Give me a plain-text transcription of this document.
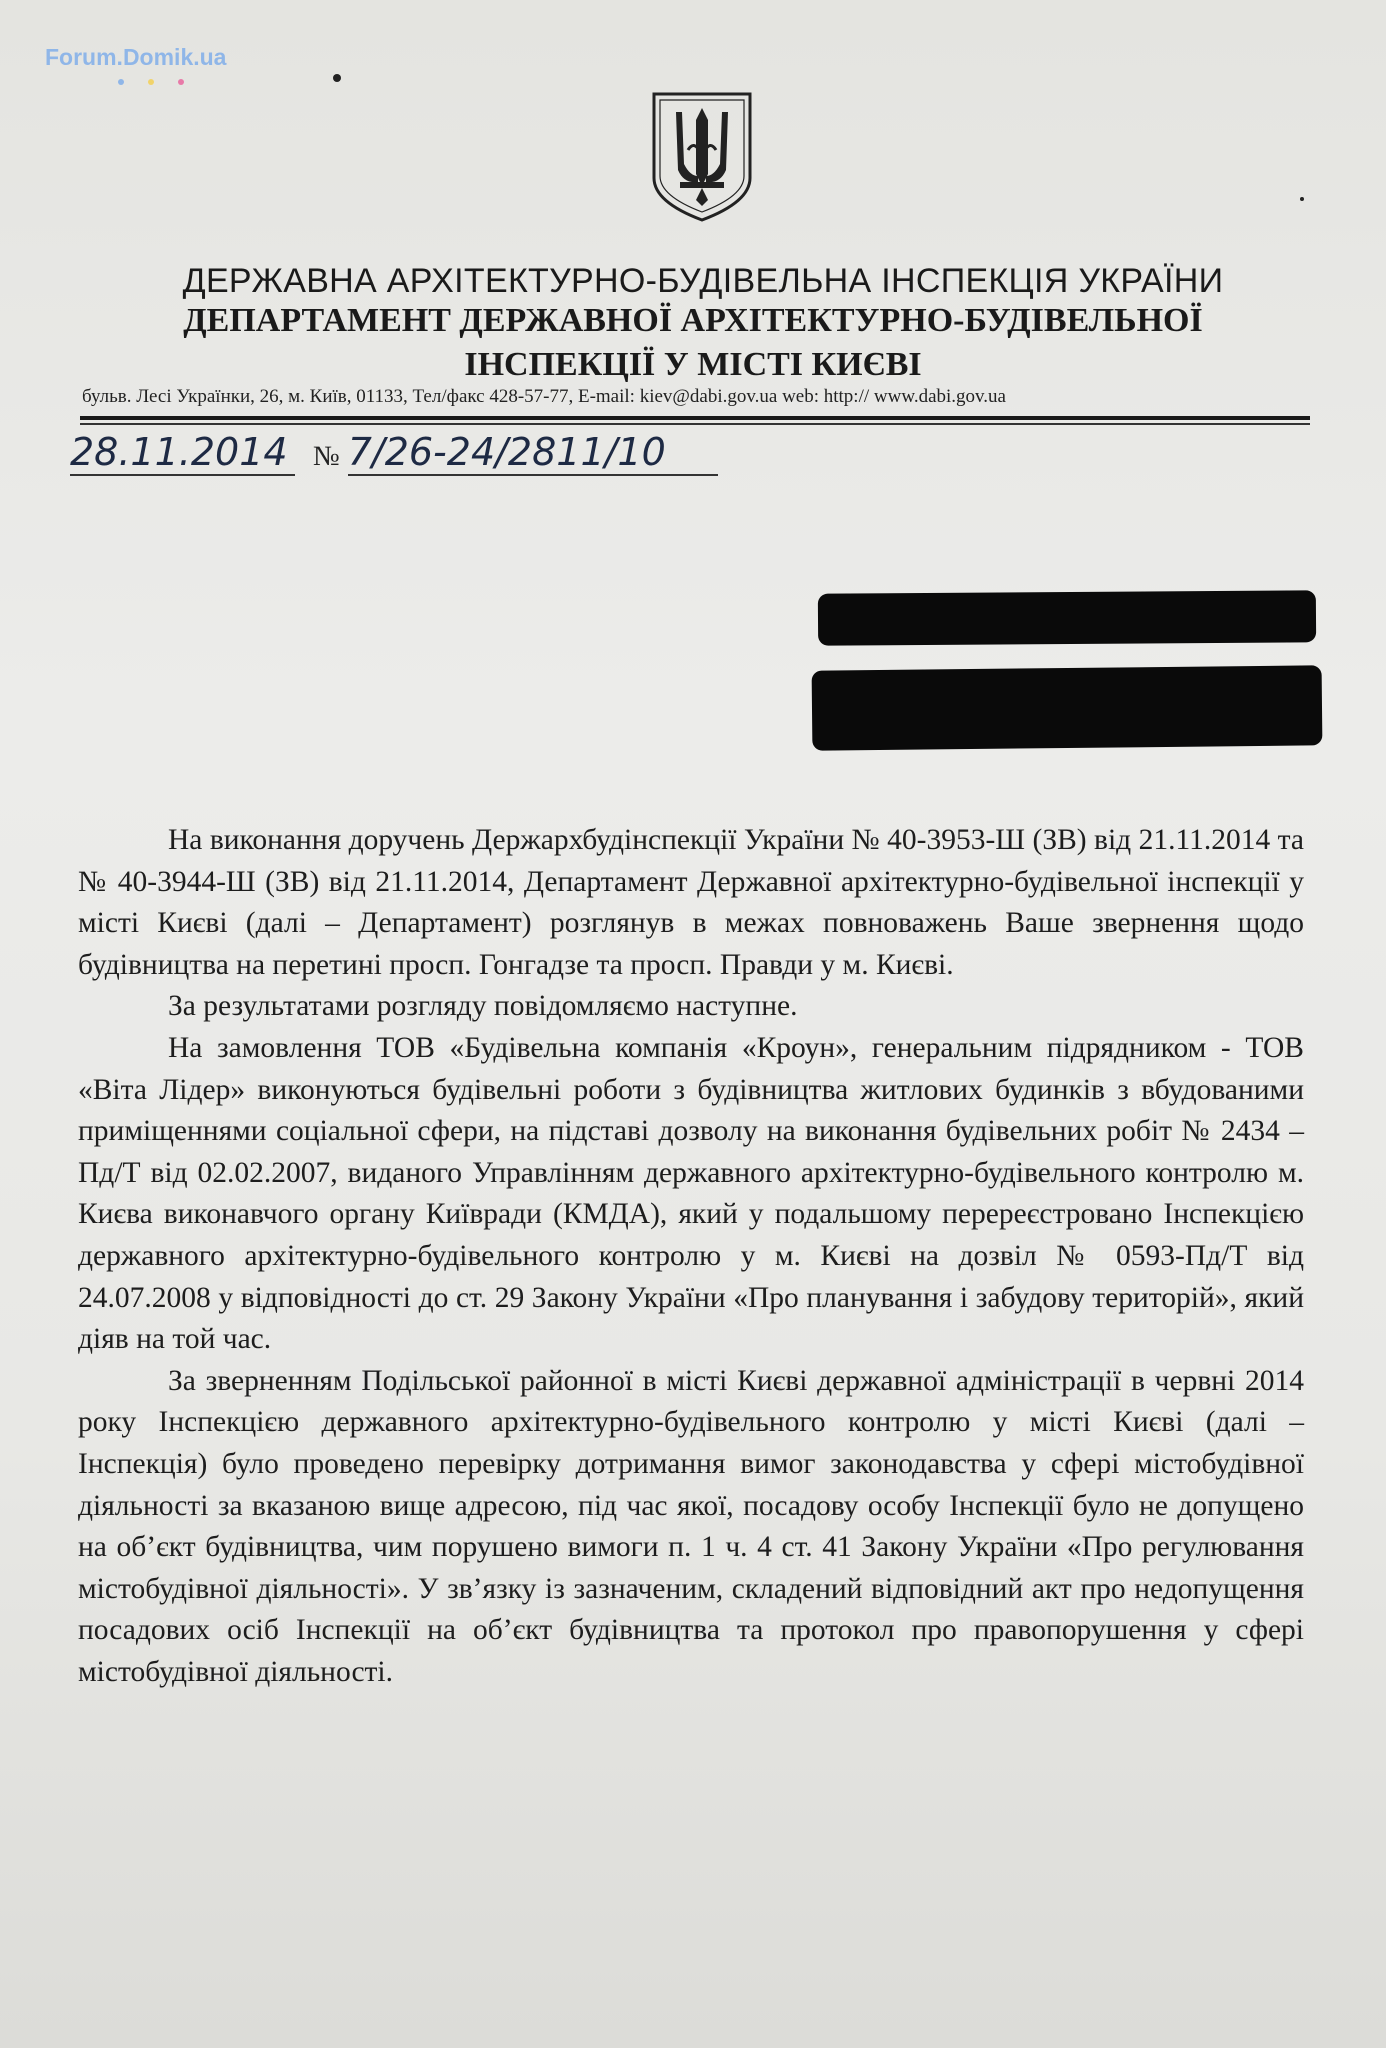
Forum.Domik.ua
ДЕРЖАВНА АРХІТЕКТУРНО-БУДІВЕЛЬНА ІНСПЕКЦІЯ УКРАЇНИ
ДЕПАРТАМЕНТ ДЕРЖАВНОЇ АРХІТЕКТУРНО-БУДІВЕЛЬНОЇ
ІНСПЕКЦІЇ У МІСТІ КИЄВІ
бульв. Лесі Українки, 26, м. Київ, 01133, Тел/факс 428-57-77, E-mail: kiev@dabi.gov.ua web: http:// www.dabi.gov.ua
28.11.2014 № 7/26-24/2811/10

На виконання доручень Держархбудінспекції України № 40-3953-Ш (ЗВ) від 21.11.2014 та № 40-3944-Ш (ЗВ) від 21.11.2014, Департамент Державної архітектурно-будівельної інспекції у місті Києві (далі – Департамент) розглянув в межах повноважень Ваше звернення щодо будівництва на перетині просп. Гонгадзе та просп. Правди у м. Києві.

За результатами розгляду повідомляємо наступне.

На замовлення ТОВ «Будівельна компанія «Кроун», генеральним підрядником - ТОВ «Віта Лідер» виконуються будівельні роботи з будівництва житлових будинків з вбудованими приміщеннями соціальної сфери, на підставі дозволу на виконання будівельних робіт № 2434 – Пд/Т від 02.02.2007, виданого Управлінням державного архітектурно-будівельного контролю м. Києва виконавчого органу Київради (КМДА), який у подальшому перереєстровано Інспекцією державного архітектурно-будівельного контролю у м. Києві на дозвіл № 0593-Пд/Т від 24.07.2008 у відповідності до ст. 29 Закону України «Про планування і забудову територій», який діяв на той час.

За зверненням Подільської районної в місті Києві державної адміністрації в червні 2014 року Інспекцією державного архітектурно-будівельного контролю у місті Києві (далі – Інспекція) було проведено перевірку дотримання вимог законодавства у сфері містобудівної діяльності за вказаною вище адресою, під час якої, посадову особу Інспекції було не допущено на об’єкт будівництва, чим порушено вимоги п. 1 ч. 4 ст. 41 Закону України «Про регулювання містобудівної діяльності». У зв’язку із зазначеним, складений відповідний акт про недопущення посадових осіб Інспекції на об’єкт будівництва та протокол про правопорушення у сфері містобудівної діяльності.
